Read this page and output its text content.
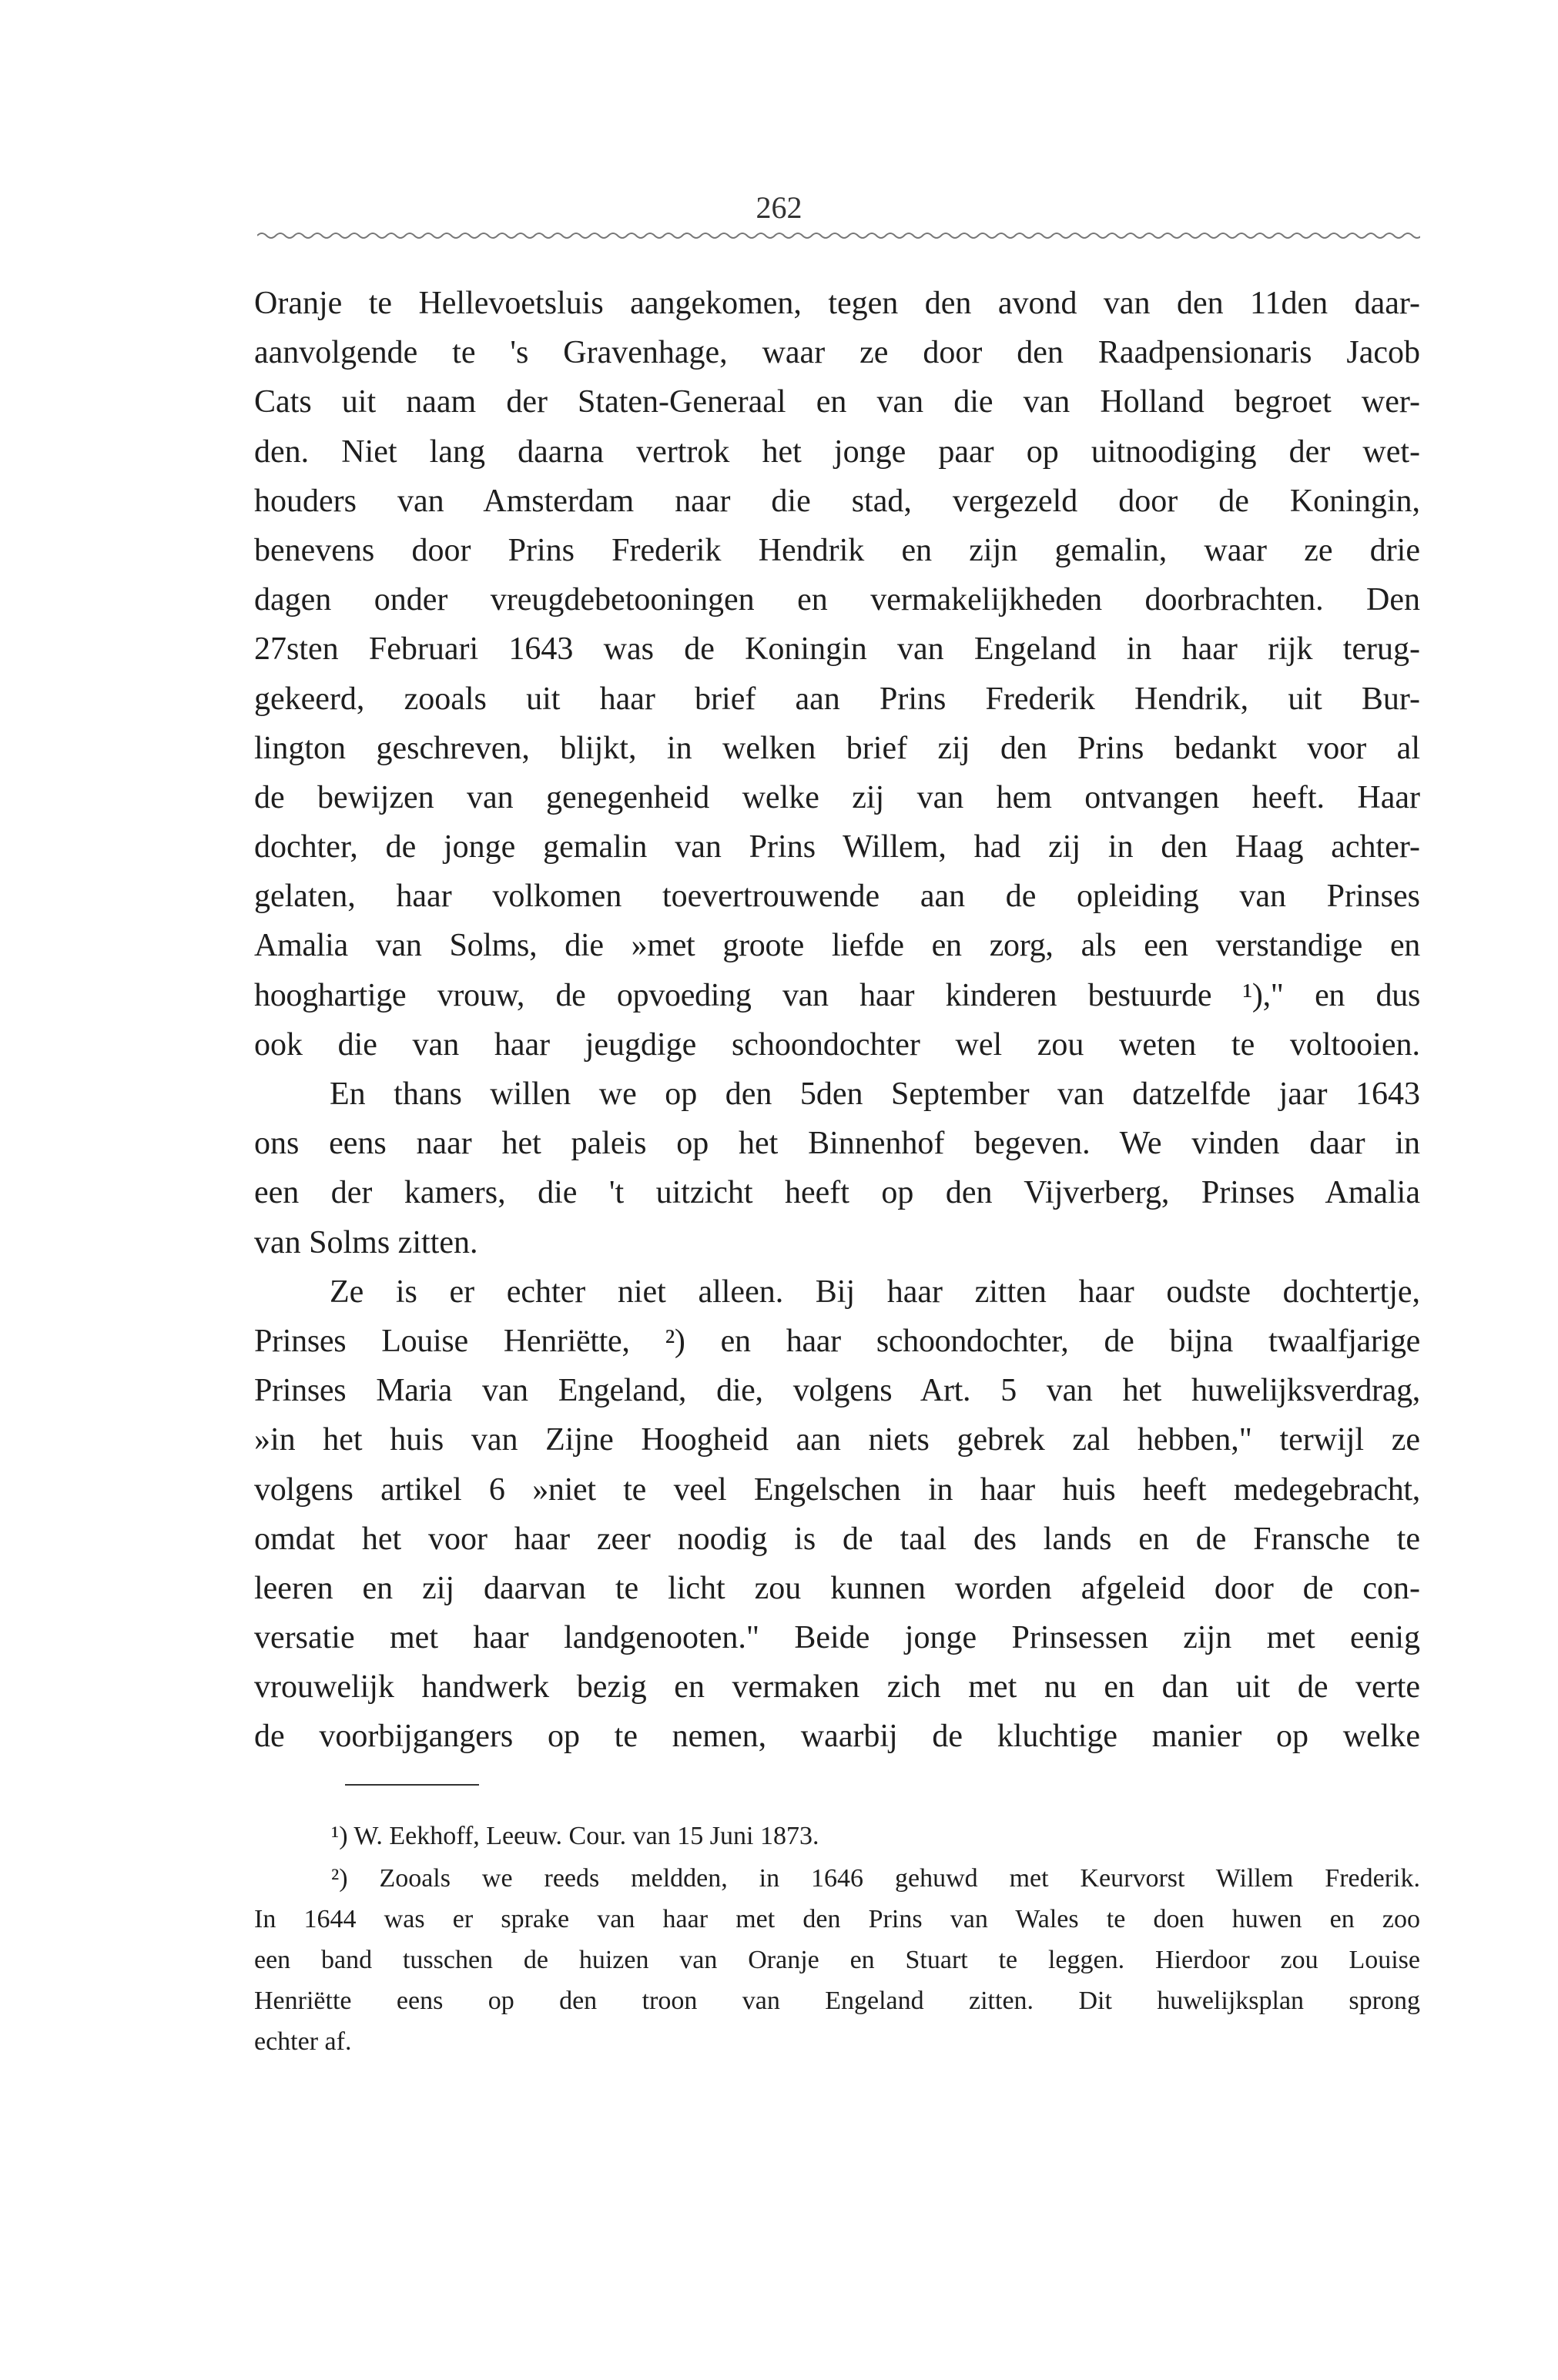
262
Oranje te Hellevoetsluis aangekomen, tegen den avond van den 11den daar-
aanvolgende te 's Gravenhage, waar ze door den Raadpensionaris Jacob
Cats uit naam der Staten-Generaal en van die van Holland begroet wer-
den. Niet lang daarna vertrok het jonge paar op uitnoodiging der wet-
houders van Amsterdam naar die stad, vergezeld door de Koningin,
benevens door Prins Frederik Hendrik en zijn gemalin, waar ze drie
dagen onder vreugdebetooningen en vermakelijkheden doorbrachten. Den
27sten Februari 1643 was de Koningin van Engeland in haar rijk terug-
gekeerd, zooals uit haar brief aan Prins Frederik Hendrik, uit Bur-
lington geschreven, blijkt, in welken brief zij den Prins bedankt voor al
de bewijzen van genegenheid welke zij van hem ontvangen heeft. Haar
dochter, de jonge gemalin van Prins Willem, had zij in den Haag achter-
gelaten, haar volkomen toevertrouwende aan de opleiding van Prinses
Amalia van Solms, die »met groote liefde en zorg, als een verstandige en
hooghartige vrouw, de opvoeding van haar kinderen bestuurde ¹)," en dus
ook die van haar jeugdige schoondochter wel zou weten te voltooien.
En thans willen we op den 5den September van datzelfde jaar 1643
ons eens naar het paleis op het Binnenhof begeven. We vinden daar in
een der kamers, die 't uitzicht heeft op den Vijverberg, Prinses Amalia
van Solms zitten.
Ze is er echter niet alleen. Bij haar zitten haar oudste dochtertje,
Prinses Louise Henriëtte, ²) en haar schoondochter, de bijna twaalfjarige
Prinses Maria van Engeland, die, volgens Art. 5 van het huwelijksverdrag,
»in het huis van Zijne Hoogheid aan niets gebrek zal hebben," terwijl ze
volgens artikel 6 »niet te veel Engelschen in haar huis heeft medegebracht,
omdat het voor haar zeer noodig is de taal des lands en de Fransche te
leeren en zij daarvan te licht zou kunnen worden afgeleid door de con-
versatie met haar landgenooten." Beide jonge Prinsessen zijn met eenig
vrouwelijk handwerk bezig en vermaken zich met nu en dan uit de verte
de voorbijgangers op te nemen, waarbij de kluchtige manier op welke
¹) W. Eekhoff, Leeuw. Cour. van 15 Juni 1873.
²) Zooals we reeds meldden, in 1646 gehuwd met Keurvorst Willem Frederik.
In 1644 was er sprake van haar met den Prins van Wales te doen huwen en zoo
een band tusschen de huizen van Oranje en Stuart te leggen. Hierdoor zou Louise
Henriëtte eens op den troon van Engeland zitten. Dit huwelijksplan sprong
echter af.
